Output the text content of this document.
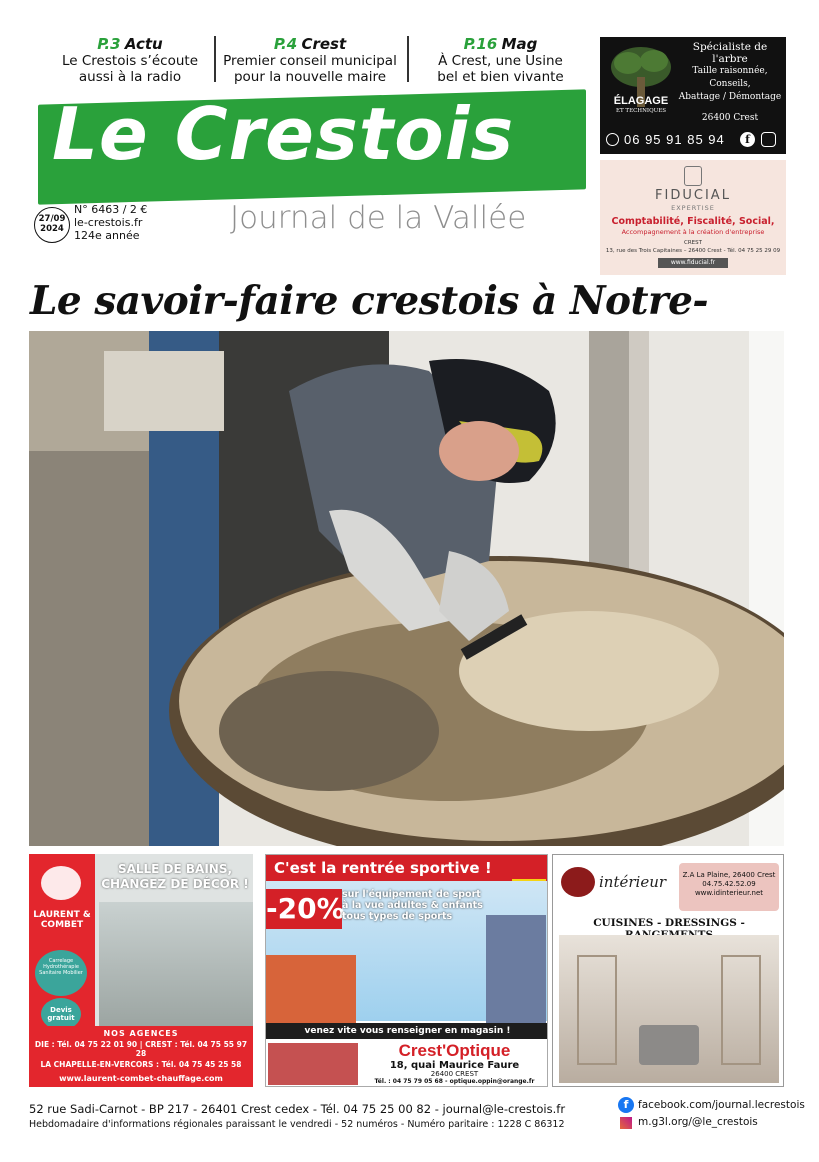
P.3 Actu
Le Crestois s’écoute
aussi à la radio
P.4 Crest
Premier conseil municipal
pour la nouvelle maire
P.16 Mag
À Crest, une Usine
bel et bien vivante
Le Crestois
27/09
2024
N° 6463 / 2 €
le-crestois.fr
124e année	Journal de la Vallée
ÉLAGAGE
ET TECHNIQUES
Spécialiste de l'arbre
Taille raisonnée,
Conseils,
Abattage / Démontage
26400 Crest
06 95 91 85 94	f
FIDUCIAL
EXPERTISE
Comptabilité, Fiscalité, Social,
Accompagnement à la création d'entreprise
CREST
13, rue des Trois Capitaines – 26400 Crest - Tél. 04 75 25 29 09
www.fiducial.fr
Le savoir-faire crestois à Notre-
LAURENT & COMBET
Carrelage Hydrothérapie Sanitaire Mobilier
Devis gratuit
SALLE DE BAINS, CHANGEZ DE DÉCOR !
NOS AGENCES
DIE : Tél. 04 75 22 01 90 | CREST : Tél. 04 75 55 97 28
LA CHAPELLE-EN-VERCORS : Tél. 04 75 45 25 58
www.laurent-combet-chauffage.com
C'est la rentrée sportive !
-20%
sur l'équipement de sport
à la vue adultes & enfants
tous types de sports
venez vite vous renseigner en magasin !
Crest'Optique
18, quai Maurice Faure
26400 CREST
Tél. : 04 75 79 05 68 - optique.oppin@orange.fr
intérieur	Z.A La Plaine, 26400 Crest
04.75.42.52.09
www.idinterieur.net
CUISINES - DRESSINGS -
52 rue Sadi-Carnot - BP 217 - 26401 Crest cedex - Tél. 04 75 25 00 82 - journal@le-crestois.fr
Hebdomadaire d'informations régionales paraissant le vendredi - 52 numéros - Numéro paritaire : 1228 C 86312
f facebook.com/journal.lecrestois
m.g3l.org/@le_crestois
